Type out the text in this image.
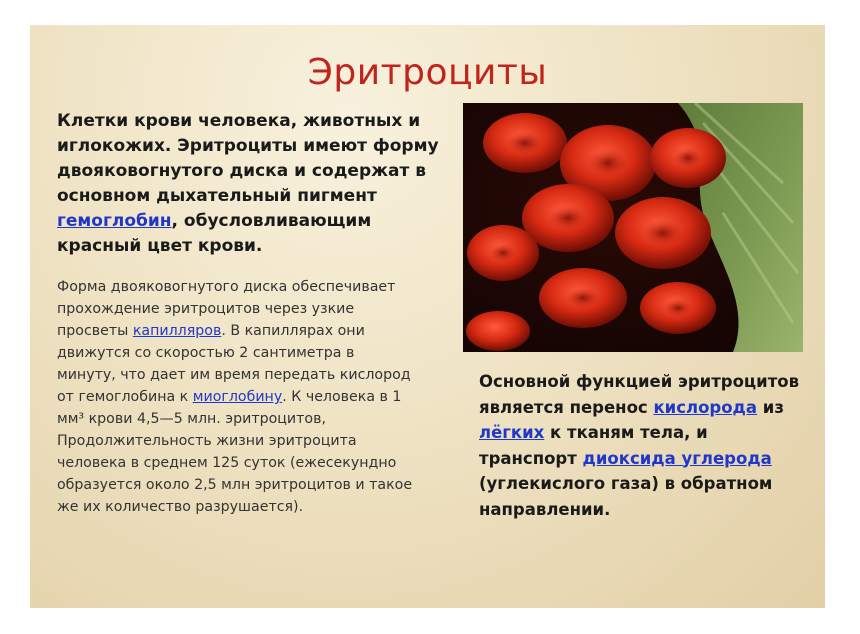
Эритроциты
Клетки крови человека, животных и иглокожих. Эритроциты имеют форму двояковогнутого диска и содержат в основном дыхательный пигмент гемоглобин, обусловливающим красный цвет крови.
Форма двояковогнутого диска обеспечивает прохождение эритроцитов через узкие просветы капилляров. В капиллярах они движутся со скоростью 2 сантиметра в минуту, что дает им время передать кислород от гемоглобина к миоглобину. К человека в 1 мм³ крови 4,5—5 млн. эритроцитов, Продолжительность жизни эритроцита человека в среднем 125 суток (ежесекундно образуется около 2,5 млн эритроцитов и такое же их количество разрушается).
Основной функцией эритроцитов является перенос кислорода из лёгких к тканям тела, и транспорт диоксида углерода (углекислого газа) в обратном направлении.
